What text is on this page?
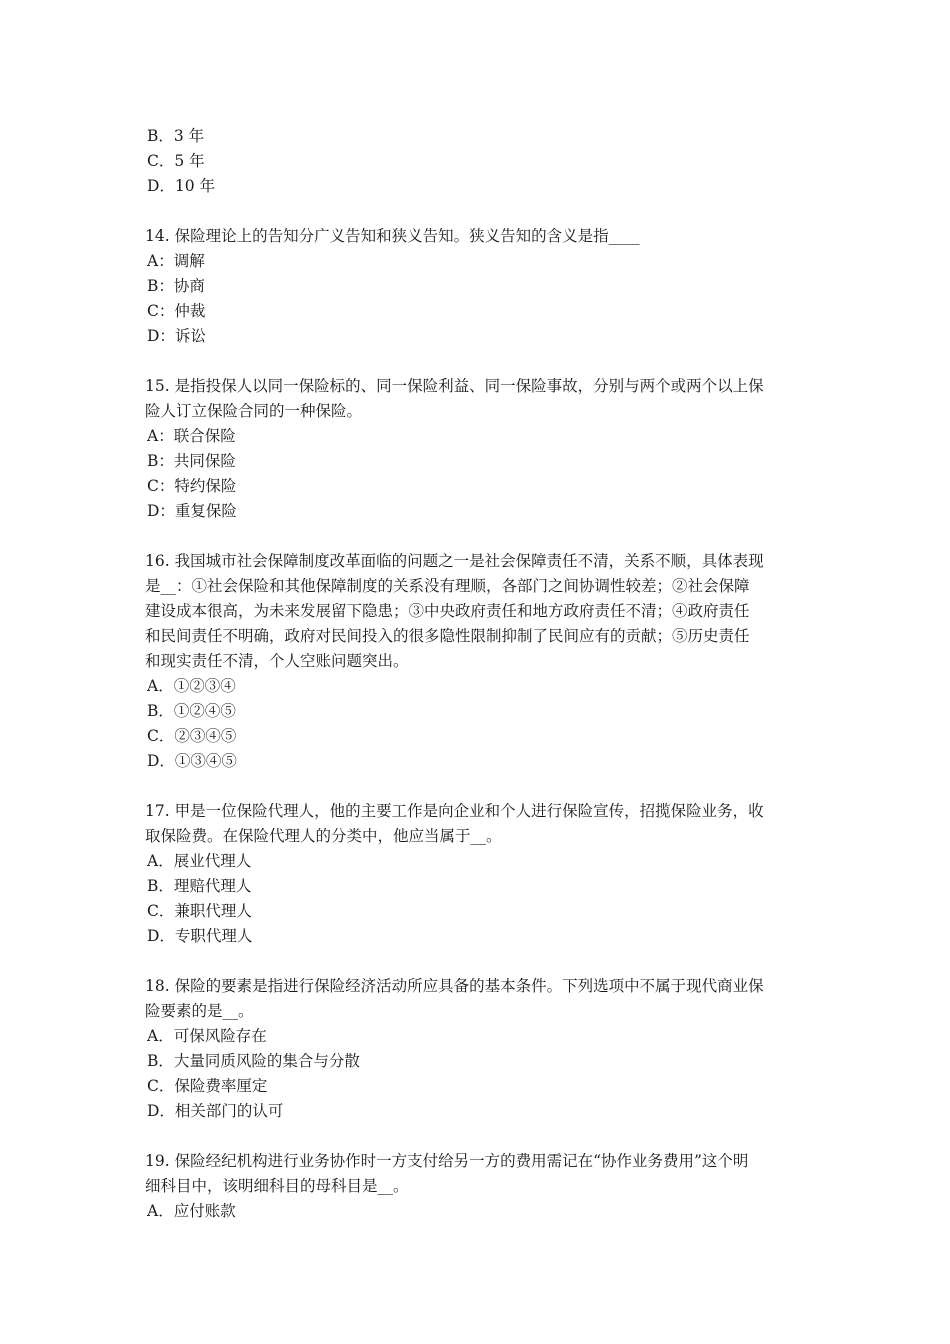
B．3 年
C．5 年
D．10 年
14. 保险理论上的告知分广义告知和狭义告知。狭义告知的含义是指____
A：调解
B：协商
C：仲裁
D：诉讼
15. 是指投保人以同一保险标的、同一保险利益、同一保险事故，分别与两个或两个以上保
险人订立保险合同的一种保险。
A：联合保险
B：共同保险
C：特约保险
D：重复保险
16. 我国城市社会保障制度改革面临的问题之一是社会保障责任不清，关系不顺，具体表现
是__：①社会保险和其他保障制度的关系没有理顺，各部门之间协调性较差；②社会保障
建设成本很高，为未来发展留下隐患；③中央政府责任和地方政府责任不清；④政府责任
和民间责任不明确，政府对民间投入的很多隐性限制抑制了民间应有的贡献；⑤历史责任
和现实责任不清，个人空账问题突出。
A．①②③④
B．①②④⑤
C．②③④⑤
D．①③④⑤
17. 甲是一位保险代理人，他的主要工作是向企业和个人进行保险宣传，招揽保险业务，收
取保险费。在保险代理人的分类中，他应当属于__。
A．展业代理人
B．理赔代理人
C．兼职代理人
D．专职代理人
18. 保险的要素是指进行保险经济活动所应具备的基本条件。下列选项中不属于现代商业保
险要素的是__。
A．可保风险存在
B．大量同质风险的集合与分散
C．保险费率厘定
D．相关部门的认可
19. 保险经纪机构进行业务协作时一方支付给另一方的费用需记在“协作业务费用”这个明
细科目中，该明细科目的母科目是__。
A．应付账款
